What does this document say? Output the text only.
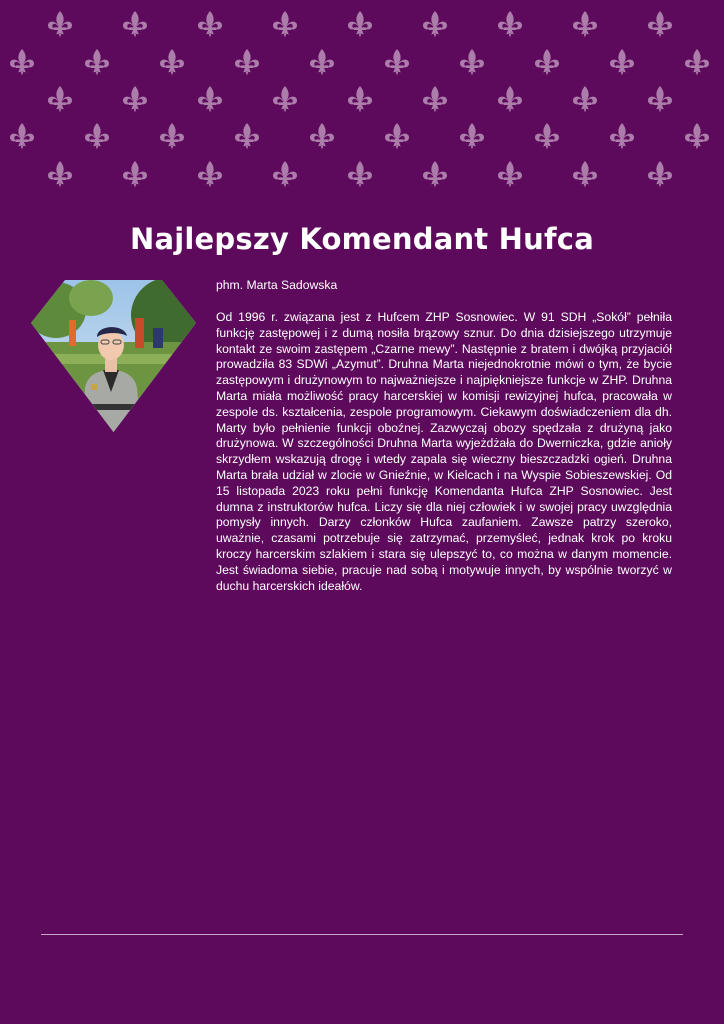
Najlepszy Komendant Hufca

phm. Marta Sadowska

Od 1996 r. związana jest z Hufcem ZHP Sosnowiec. W 91 SDH „Sokół” pełniła funkcję zastępowej i z dumą nosiła brązowy sznur. Do dnia dzisiejszego utrzymuje kontakt ze swoim zastępem „Czarne mewy”. Następnie z bratem i dwójką przyjaciół prowadziła 83 SDWi „Azymut”. Druhna Marta niejednokrotnie mówi o tym, że bycie zastępowym i drużynowym to najważniejsze i najpiękniejsze funkcje w ZHP. Druhna Marta miała możliwość pracy harcerskiej w komisji rewizyjnej hufca, pracowała w zespole ds. kształcenia, zespole programowym. Ciekawym doświadczeniem dla dh. Marty było pełnienie funkcji oboźnej. Zazwyczaj obozy spędzała z drużyną jako drużynowa. W szczególności Druhna Marta wyjeżdżała do Dwerniczka, gdzie anioły skrzydłem wskazują drogę i wtedy zapala się wieczny bieszczadzki ogień. Druhna Marta brała udział w zlocie w Gnieźnie, w Kielcach i na Wyspie Sobieszewskiej. Od 15 listopada 2023 roku pełni funkcję Komendanta Hufca ZHP Sosnowiec. Jest dumna z instruktorów hufca. Liczy się dla niej człowiek i w swojej pracy uwzględnia pomysły innych. Darzy członków Hufca zaufaniem. Zawsze patrzy szeroko, uważnie, czasami potrzebuje się zatrzymać, przemyśleć, jednak krok po kroku kroczy harcerskim szlakiem i stara się ulepszyć to, co można w danym momencie. Jest świadoma siebie, pracuje nad sobą i motywuje innych, by wspólnie tworzyć w duchu harcerskich ideałów.
